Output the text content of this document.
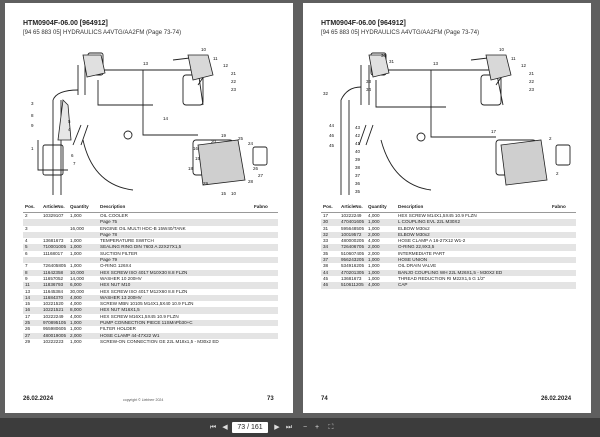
HTM0904F-06.00 [964912]
[94 65 883 05] HYDRAULICS A4VTG/AA2FM (Page 73-74)
10
11
12
21
22
23
13
3
8
9
5
4
14
1
7
6
16
15
18
20
19
25
24
26
27
28
29
15 10
Pos. ArticleNo. Quantity Description	Fabno
2	10329107 1,000	OIL COOLER
Page 75
3	16,000	ENGINE OIL MULTI HDC-B 15W40/TANK
Page 78
4	13681673 1,000	TEMPERATURE SWITCH
5	710001005 1,000	SEALING RING DIN 7603 A 22X27X1,5
6	11168017 1,000	SUCTION FILTER
Page 79
7	726405805 1,000	O-RING 126X4
8	11642358 10,000	HEX SCREW ISO 4017 M10X30 8.8 FLZN
9	11657052 14,000	WASHER 10 200HV
11	11836793 6,000	HEX NUT M10
13	11645384 30,000	HEX SCREW ISO 4017 M12X60 8.8 FLZN
14	11684370 4,000	WASHER 13 200HV
15	10221520 4,000	SCREW MBN 10105 M14X1,5X40 10.9 FLZN
16	10221521 8,000	HEX NUT M16X1,5
17	10222249 4,000	HEX SCREW M16X1,5X45 10.9 FLZN
25	970895105 1,000	PUMP CONNECTION PIECE 11SMnPb30+C
26	955980605 1,000	FILTER HOLDER
27	480019005 2,000	HOSE CLAMP 44-47X22 W1
29	10222223 1,000	SCREW-ON CONNECTION GE 22L M18x1,5 - M30x2 ED
26.02.2024	copyright © Liebherr 2024	73
HTM0904F-06.00 [964912]
[94 65 883 05] HYDRAULICS A4VTG/AA2FM (Page 73-74)
10
11
12
21
22
23
13
30
31
33
34
32
44
46
45
43
42
41
40
39
38
37
36
35
17
2
2
Pos. ArticleNo. Quantity Description	Fabno
17	10222249 4,000	HEX SCREW M14X1,5X45 10.9 FLZN
30	470401605 1,000	L COUPLING EVL 22L M30X2
31	595648505 1,000	ELBOW M30x2
32	10019572 2,000	ELBOW M30x2
33	480000205 4,000	HOSE CLAMP A 16-27X12 W1-2
34	726406705 2,000	O-RING 22,9X3,5
35	510607405 2,000	INTERMEDIATE PART
37	956243205 1,000	HOSE UNION
38	534916205 1,000	OIL DRAIN VALVE
44	470201305 1,000	BANJO COUPLING WH 22L M26X1,5 - M30X2 ED
45	13681673 1,000	THREAD REDUCTION RI M22X1,5 G 1/2"
46	510611205 4,000	CAP
74	26.02.2024
⏮ ◀	73 / 161	▶ ⏭	−	+	⛶
